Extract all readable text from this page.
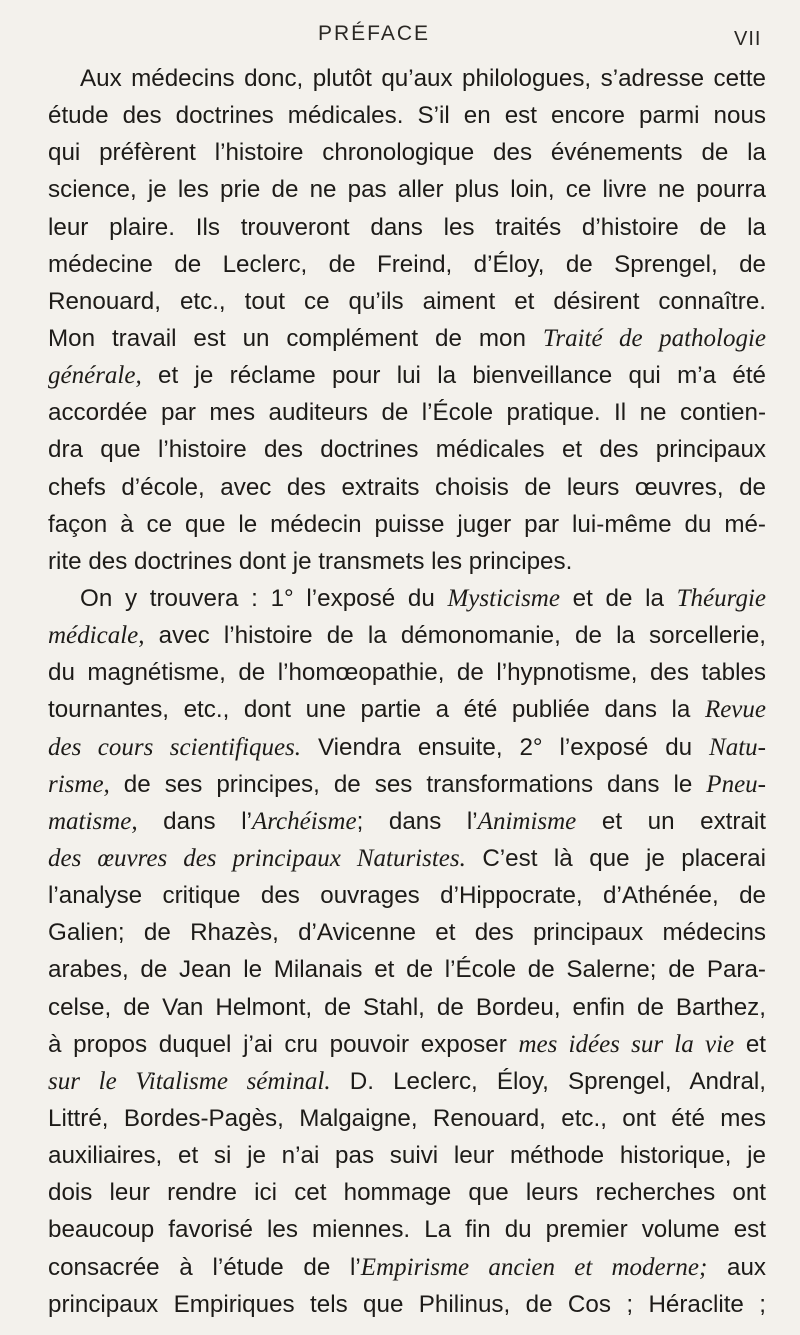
PRÉFACE	VII
Aux médecins donc, plutôt qu’aux philologues, s’adresse cette
étude des doctrines médicales. S’il en est encore parmi nous
qui préfèrent l’histoire chronologique des événements de la
science, je les prie de ne pas aller plus loin, ce livre ne pourra
leur plaire. Ils trouveront dans les traités d’histoire de la
médecine de Leclerc, de Freind, d’Éloy, de Sprengel, de
Renouard, etc., tout ce qu’ils aiment et désirent connaître.
Mon travail est un complément de mon Traité de pathologie
générale, et je réclame pour lui la bienveillance qui m’a été
accordée par mes auditeurs de l’École pratique. Il ne contien-
dra que l’histoire des doctrines médicales et des principaux
chefs d’école, avec des extraits choisis de leurs œuvres, de
façon à ce que le médecin puisse juger par lui-même du mé-
rite des doctrines dont je transmets les principes.
On y trouvera : 1° l’exposé du Mysticisme et de la Théurgie
médicale, avec l’histoire de la démonomanie, de la sorcellerie,
du magnétisme, de l’homœopathie, de l’hypnotisme, des tables
tournantes, etc., dont une partie a été publiée dans la Revue
des cours scientifiques. Viendra ensuite, 2° l’exposé du Natu-
risme, de ses principes, de ses transformations dans le Pneu-
matisme, dans l’Archéisme; dans l’Animisme et un extrait
des œuvres des principaux Naturistes. C’est là que je placerai
l’analyse critique des ouvrages d’Hippocrate, d’Athénée, de
Galien; de Rhazès, d’Avicenne et des principaux médecins
arabes, de Jean le Milanais et de l’École de Salerne; de Para-
celse, de Van Helmont, de Stahl, de Bordeu, enfin de Barthez,
à propos duquel j’ai cru pouvoir exposer mes idées sur la vie et
sur le Vitalisme séminal. D. Leclerc, Éloy, Sprengel, Andral,
Littré, Bordes-Pagès, Malgaigne, Renouard, etc., ont été mes
auxiliaires, et si je n’ai pas suivi leur méthode historique, je
dois leur rendre ici cet hommage que leurs recherches ont
beaucoup favorisé les miennes. La fin du premier volume est
consacrée à l’étude de l’Empirisme ancien et moderne; aux
principaux Empiriques tels que Philinus, de Cos ; Héraclite ;
